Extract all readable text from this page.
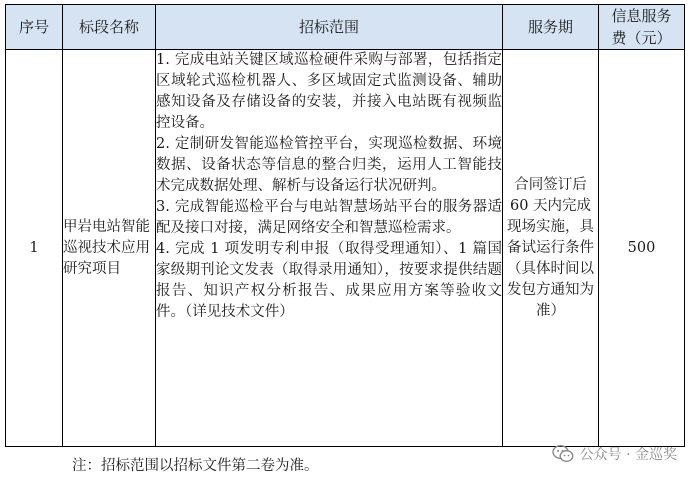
序号	标段名称	招标范围	服务期	信息服务费（元）
1	甲岩电站智能巡视技术应用研究项目	1. 完成电站关键区域巡检硬件采购与部署，包括指定区域轮式巡检机器人、多区域固定式监测设备、辅助感知设备及存储设备的安装，并接入电站既有视频监控设备。

2. 定制研发智能巡检管控平台，实现巡检数据、环境数据、设备状态等信息的整合归类，运用人工智能技术完成数据处理、解析与设备运行状况研判。

3. 完成智能巡检平台与电站智慧场站平台的服务器适配及接口对接，满足网络安全和智慧巡检需求。

4. 完成 1 项发明专利申报（取得受理通知）、1 篇国家级期刊论文发表（取得录用通知），按要求提供结题报告、知识产权分析报告、成果应用方案等验收文件。（详见技术文件）	合同签订后 60 天内完成现场实施，具备试运行条件（具体时间以发包方通知为准）	500
注：招标范围以招标文件第二卷为准。
公众号 · 金巡奖
